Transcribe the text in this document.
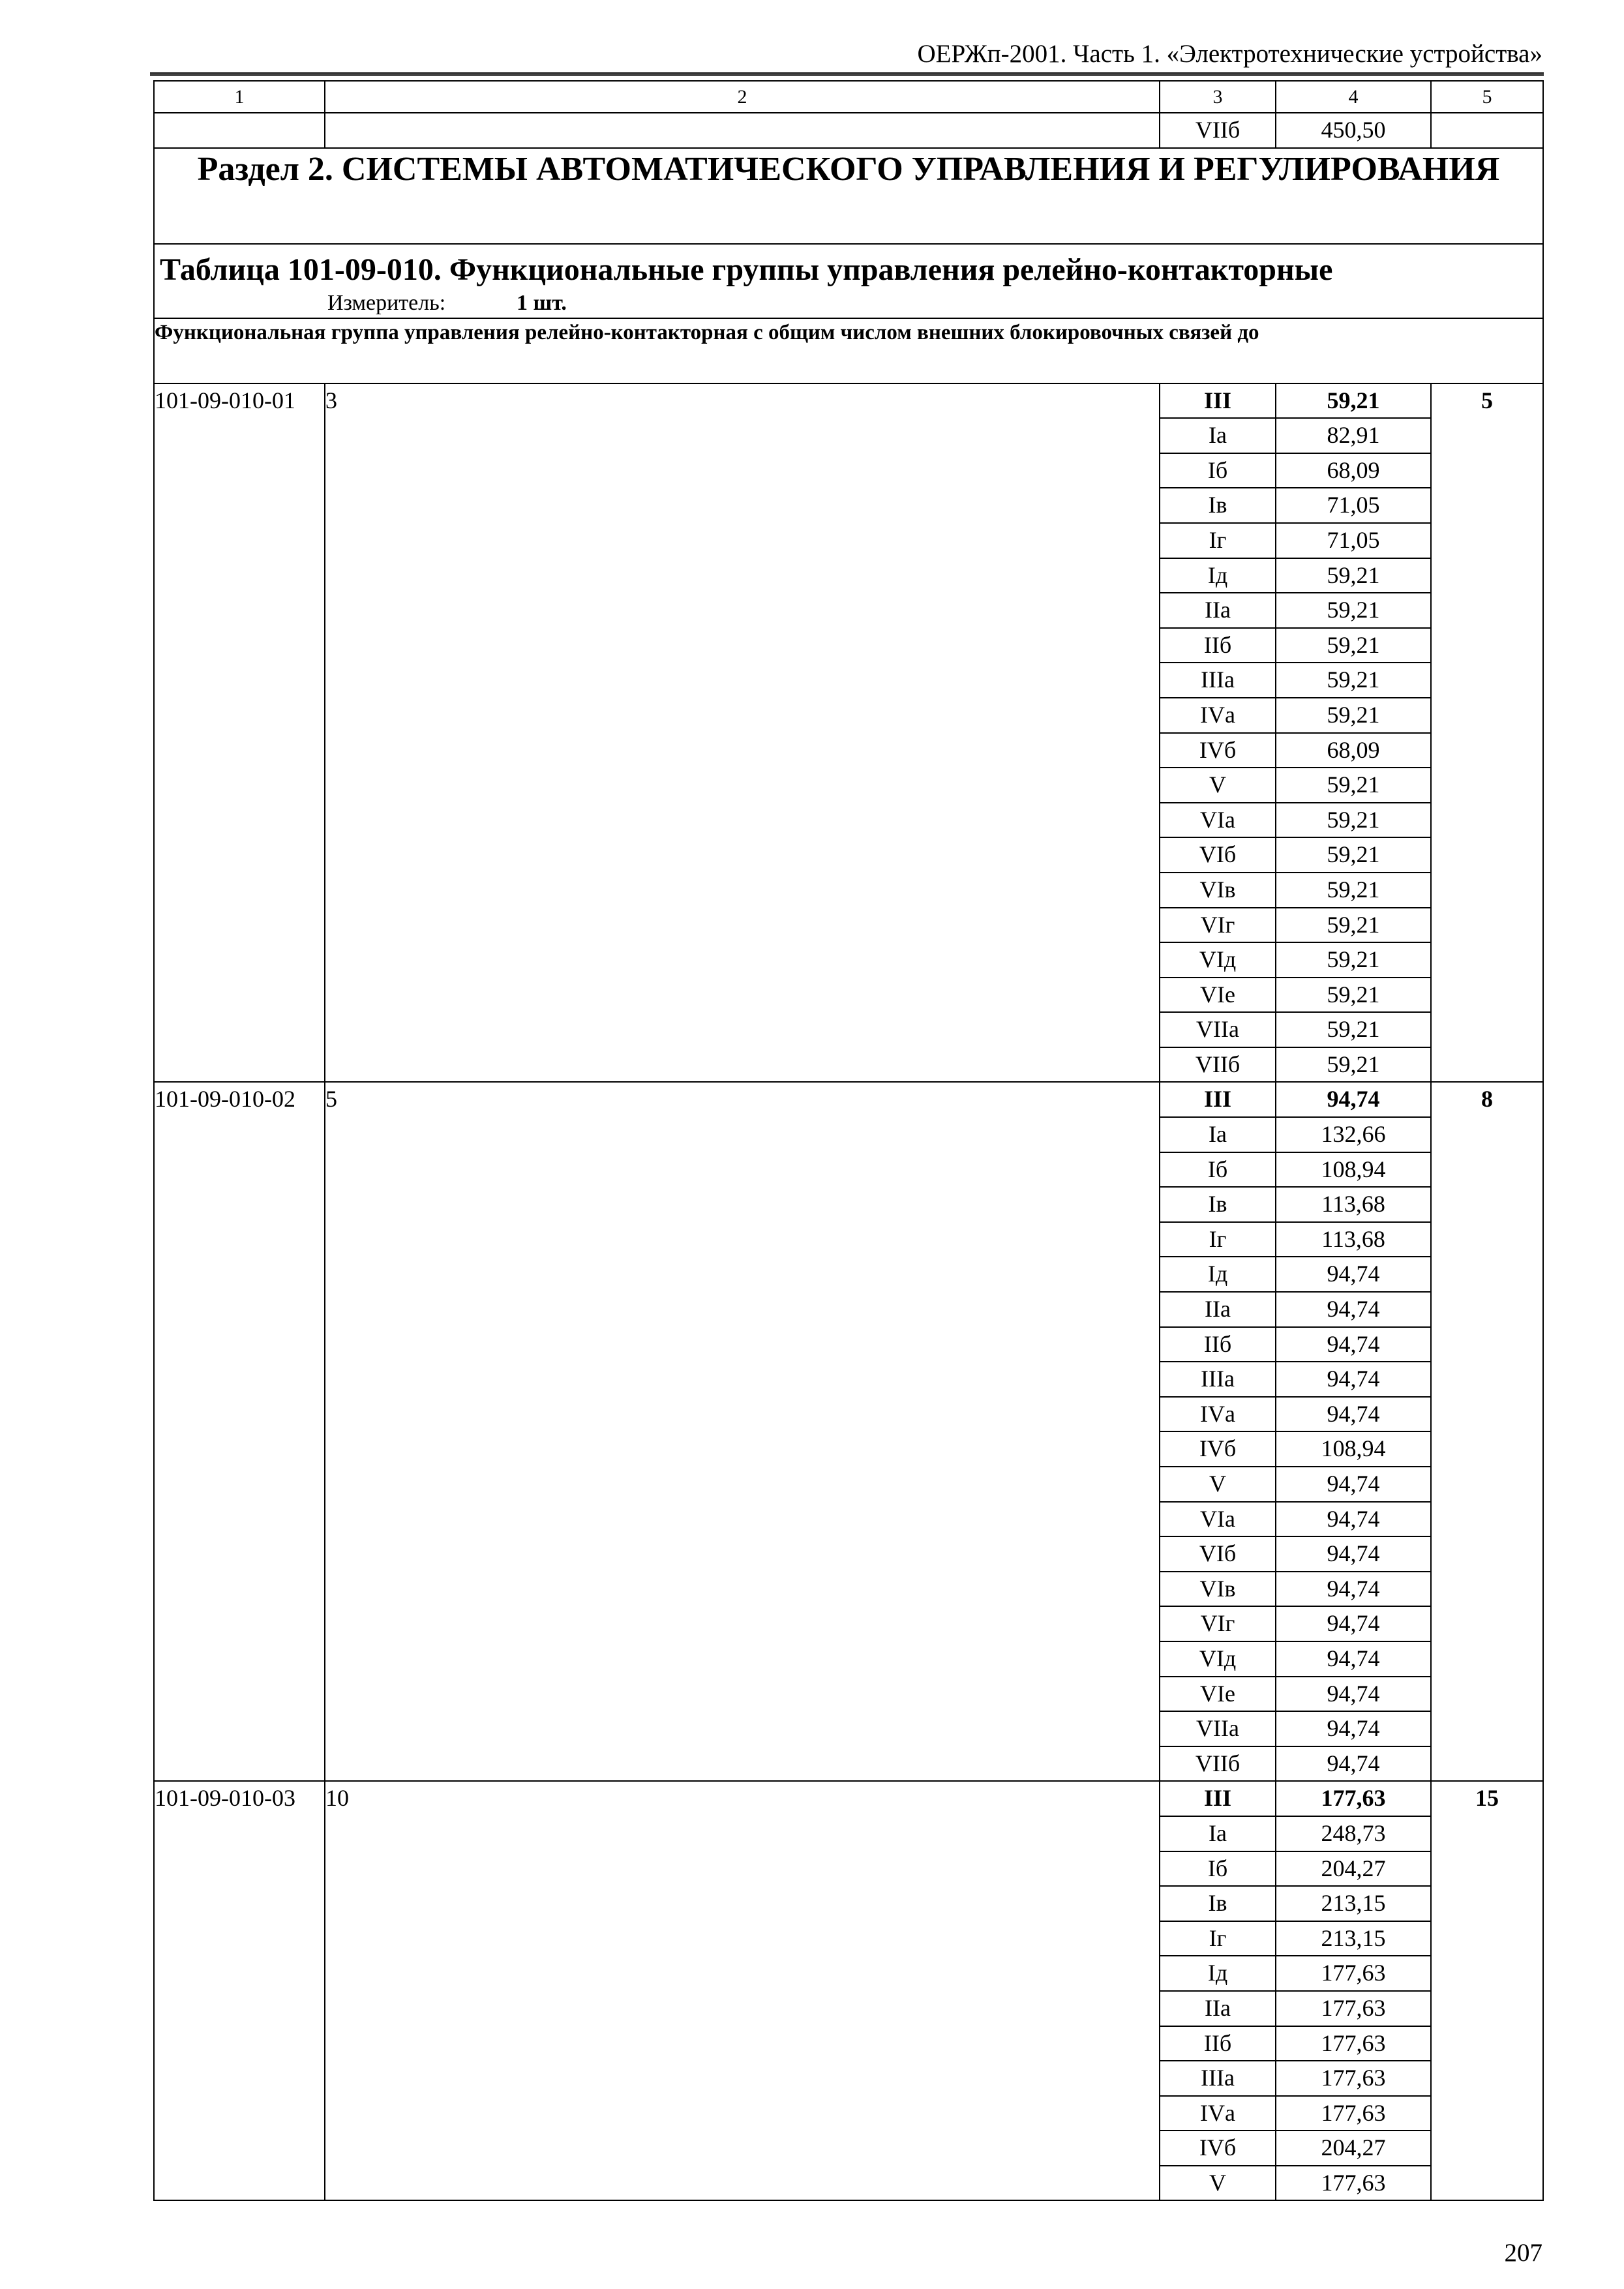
ОЕРЖп-2001. Часть 1. «Электротехнические устройства»
1	2	3	4	5
		VIIб	450,50	
Раздел 2. СИСТЕМЫ АВТОМАТИЧЕСКОГО УПРАВЛЕНИЯ И РЕГУЛИРОВАНИЯ				

Таблица 101-09-010. Функциональные группы управления релейно-контакторные
Измеритель: 1 шт.				

Функциональная группа управления релейно-контакторная с общим числом внешних блокировочных связей до				
101-09-010-01	3	III	59,21	5
		Iа	82,91	
		Iб	68,09	
		Iв	71,05	
		Iг	71,05	
		Iд	59,21	
		IIа	59,21	
		IIб	59,21	
		IIIа	59,21	
		IVа	59,21	
		IVб	68,09	
		V	59,21	
		VIа	59,21	
		VIб	59,21	
		VIв	59,21	
		VIг	59,21	
		VIд	59,21	
		VIе	59,21	
		VIIа	59,21	
		VIIб	59,21	
101-09-010-02	5	III	94,74	8
		Iа	132,66	
		Iб	108,94	
		Iв	113,68	
		Iг	113,68	
		Iд	94,74	
		IIа	94,74	
		IIб	94,74	
		IIIа	94,74	
		IVа	94,74	
		IVб	108,94	
		V	94,74	
		VIа	94,74	
		VIб	94,74	
		VIв	94,74	
		VIг	94,74	
		VIд	94,74	
		VIе	94,74	
		VIIа	94,74	
		VIIб	94,74	
101-09-010-03	10	III	177,63	15
		Iа	248,73	
		Iб	204,27	
		Iв	213,15	
		Iг	213,15	
		Iд	177,63	
		IIа	177,63	
		IIб	177,63	
		IIIа	177,63	
		IVа	177,63	
		IVб	204,27	
		V	177,63	
207
